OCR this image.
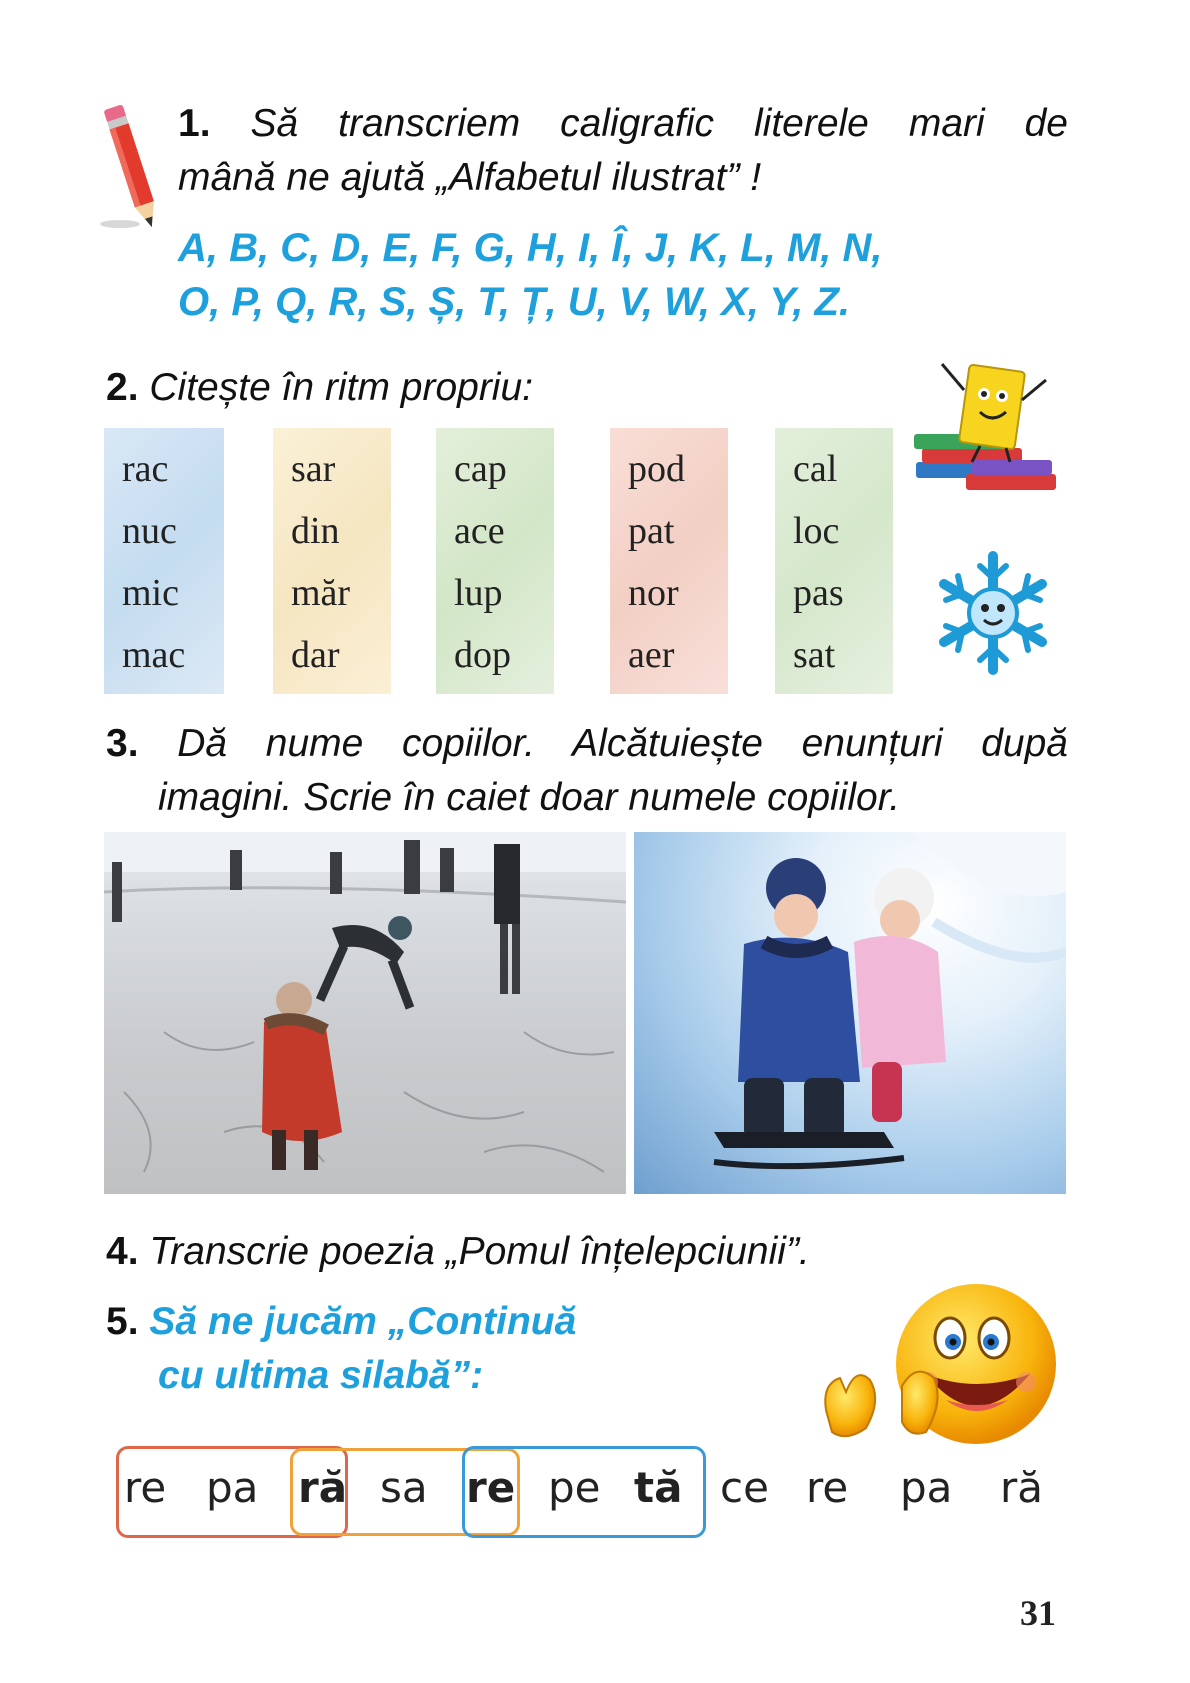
1. Să transcriem caligrafic literele mari de
mână ne ajută „Alfabetul ilustrat” !
A, B, C, D, E, F, G, H, I, Î, J, K, L, M, N,
O, P, Q, R, S, Ș, T, Ț, U, V, W, X, Y, Z.
2. Citește în ritm propriu:
rac
nuc
mic
mac
sar
din
măr
dar
cap
ace
lup
dop
pod
pat
nor
aer
cal
loc
pas
sat
3. Dă nume copiilor. Alcătuiește enunțuri după
imagini. Scrie în caiet doar numele copiilor.
4. Transcrie poezia „Pomul înțelepciunii”.
5. Să ne jucăm „Continuă
cu ultima silabă”:
re pa ră sa re pe tă ce re pa ră
31
